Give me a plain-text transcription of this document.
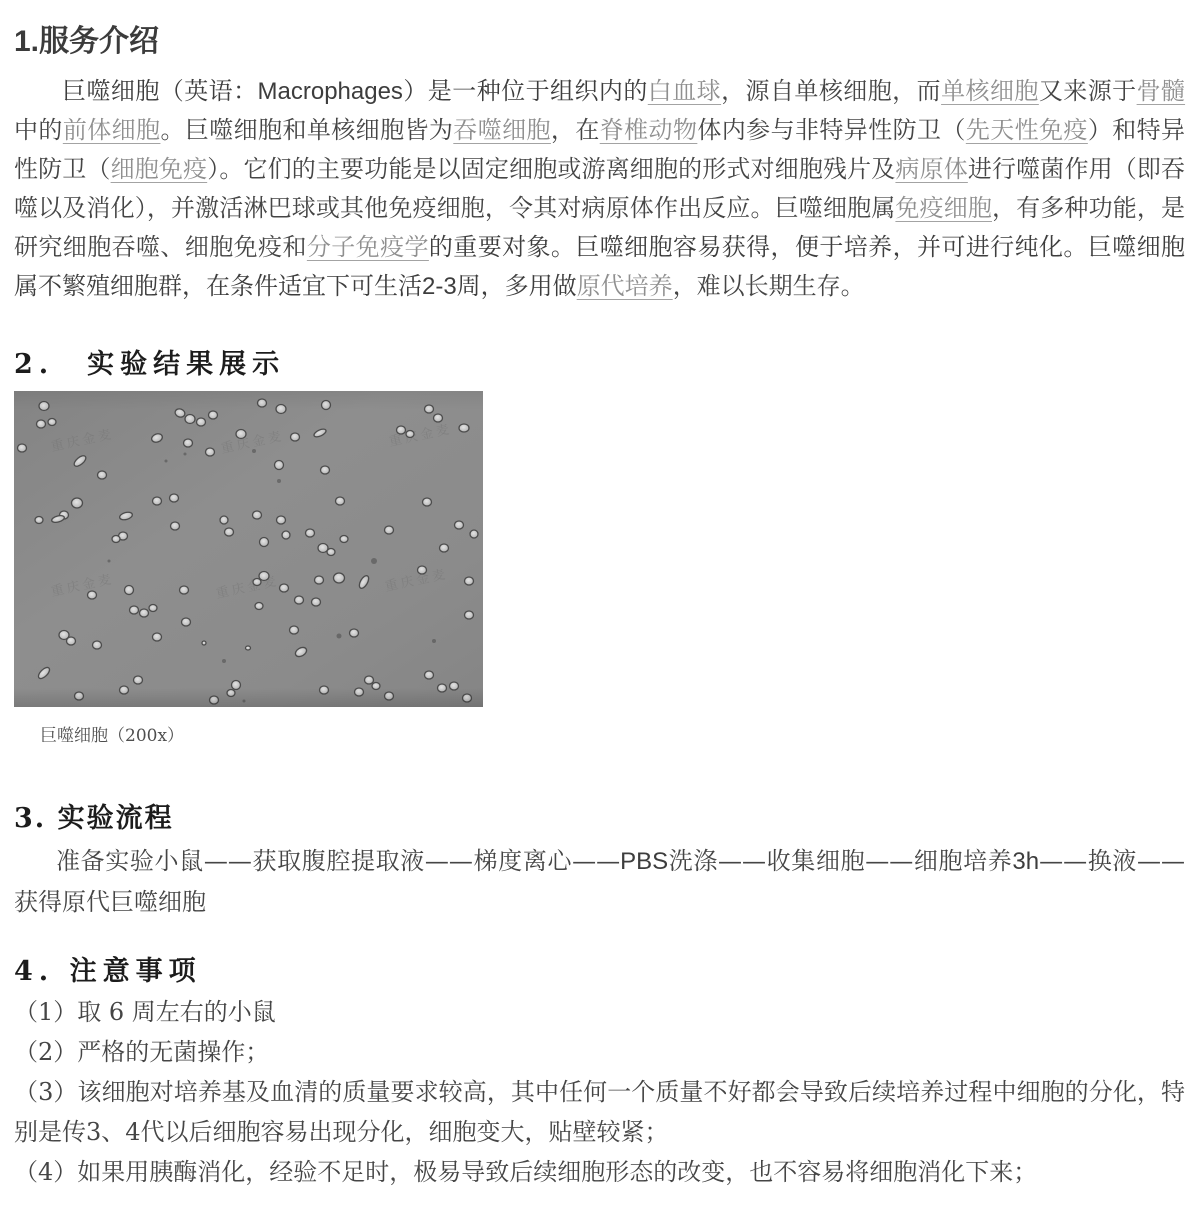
1.服务介绍

巨噬细胞（英语：Macrophages）是一种位于组织内的白血球，源自单核细胞，而单核细胞又来源于骨髓中的前体细胞。巨噬细胞和单核细胞皆为吞噬细胞，在脊椎动物体内参与非特异性防卫（先天性免疫）和特异性防卫（细胞免疫）。它们的主要功能是以固定细胞或游离细胞的形式对细胞残片及病原体进行噬菌作用（即吞噬以及消化），并激活淋巴球或其他免疫细胞，令其对病原体作出反应。巨噬细胞属免疫细胞，有多种功能，是研究细胞吞噬、细胞免疫和分子免疫学的重要对象。巨噬细胞容易获得，便于培养，并可进行纯化。巨噬细胞属不繁殖细胞群，在条件适宜下可生活2-3周，多用做原代培养，难以长期生存。

2.　实验结果展示
巨噬细胞（200x）
3. 实验流程

准备实验小鼠——获取腹腔提取液——梯度离心——PBS洗涤——收集细胞——细胞培养3h——换液——获得原代巨噬细胞

4. 注意事项

（1）取 6 周左右的小鼠

（2）严格的无菌操作；

（3）该细胞对培养基及血清的质量要求较高，其中任何一个质量不好都会导致后续培养过程中细胞的分化，特别是传3、4代以后细胞容易出现分化，细胞变大，贴壁较紧；

（4）如果用胰酶消化，经验不足时，极易导致后续细胞形态的改变，也不容易将细胞消化下来；
